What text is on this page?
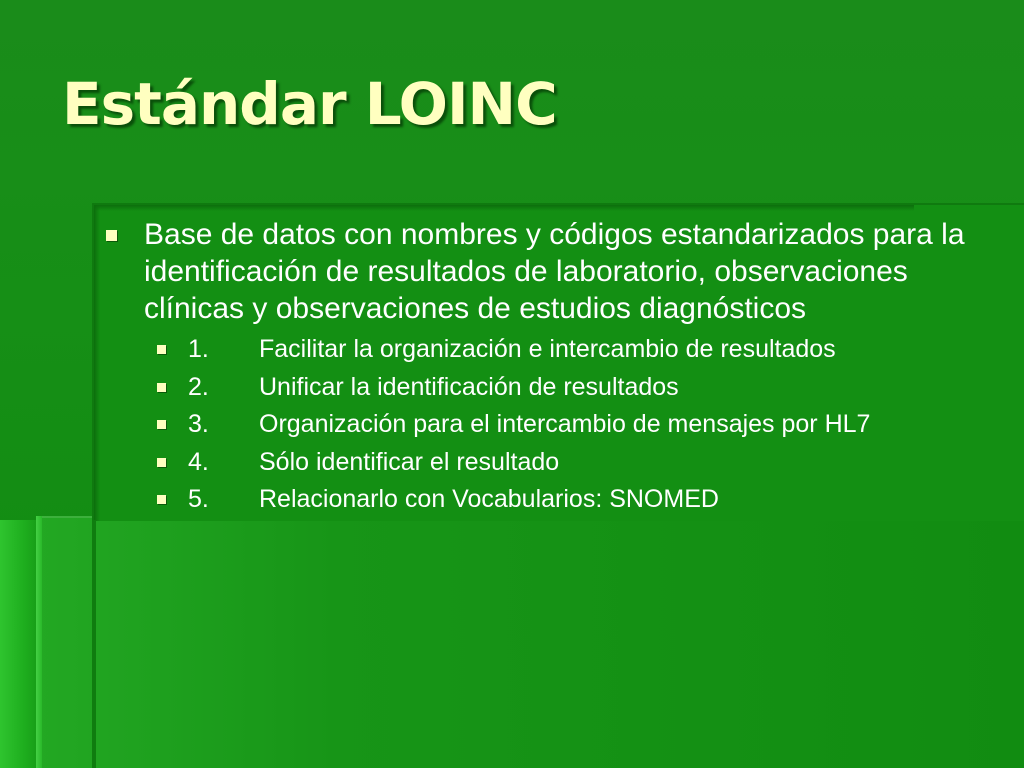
Estándar LOINC
Base de datos con nombres y códigos estandarizados para la identificación de resultados de laboratorio, observaciones clínicas y observaciones de estudios diagnósticos
1. Facilitar la organización e intercambio de resultados
2. Unificar la identificación de resultados
3. Organización para el intercambio de mensajes por HL7
4. Sólo identificar el resultado
5. Relacionarlo con Vocabularios: SNOMED
